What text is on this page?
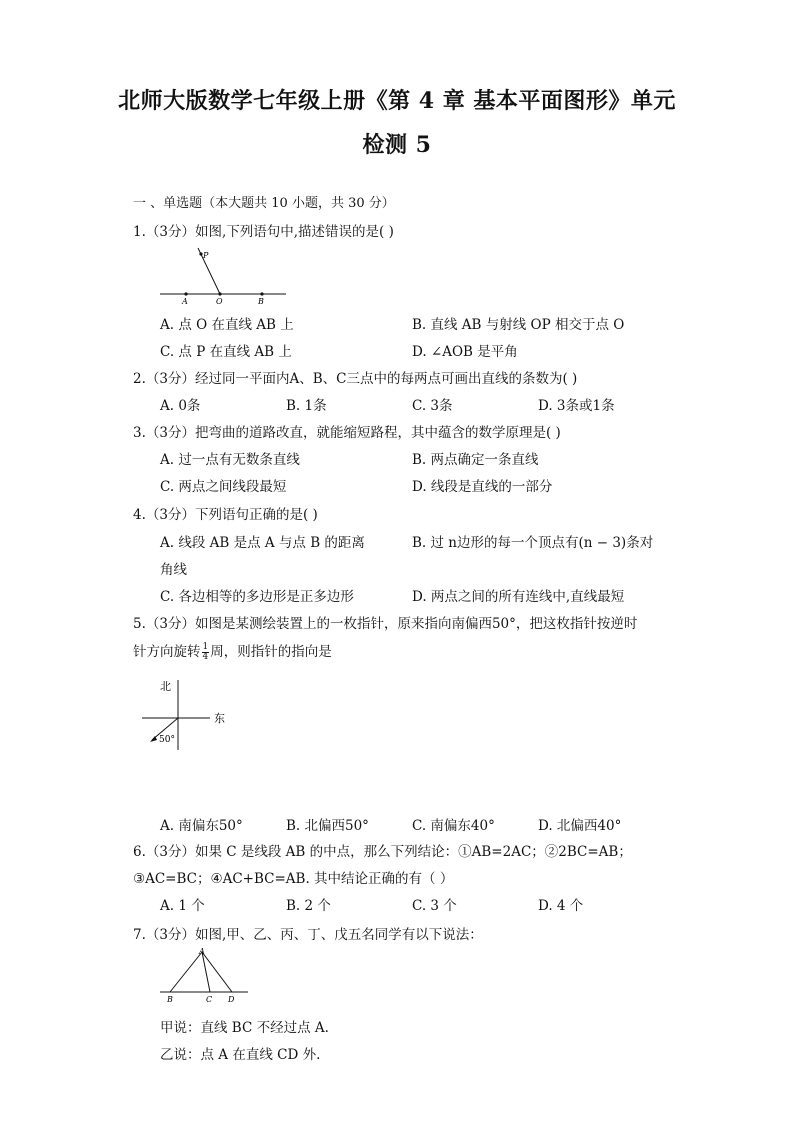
北师大版数学七年级上册《第 4 章 基本平面图形》单元
检测 5
一 、单选题（本大题共 10 小题，共 30 分）
1.（3分）如图,下列语句中,描述错误的是( )
P
A	O	B
A. 点 O 在直线 AB 上	B. 直线 AB 与射线 OP 相交于点 O
C. 点 P 在直线 AB 上	D. ∠AOB 是平角
2.（3分）经过同一平面内A、B、C三点中的每两点可画出直线的条数为( )
A. 0条	B. 1条	C. 3条	D. 3条或1条
3.（3分）把弯曲的道路改直，就能缩短路程，其中蕴含的数学原理是( )
A. 过一点有无数条直线	B. 两点确定一条直线
C. 两点之间线段最短	D. 线段是直线的一部分
4.（3分）下列语句正确的是( )
A. 线段 AB 是点 A 与点 B 的距离	B. 过 n边形的每一个顶点有(n − 3)条对
角线
C. 各边相等的多边形是正多边形	D. 两点之间的所有连线中,直线最短
5.（3分）如图是某测绘装置上的一枚指针，原来指向南偏西50°，把这枚指针按逆时
针方向旋转 $\frac{1}{4}$ 周，则指针的指向是
北
东
50°
A. 南偏东50°	B. 北偏西50°	C. 南偏东40°	D. 北偏西40°
6.（3分）如果 C 是线段 AB 的中点，那么下列结论：①AB=2AC；②2BC=AB；
③AC=BC；④AC+BC=AB. 其中结论正确的有（ ）
A. 1 个	B. 2 个	C. 3 个	D. 4 个
7.（3分）如图,甲、乙、丙、丁、戊五名同学有以下说法：
A
B	C D
甲说：直线 BC 不经过点 A.
乙说：点 A 在直线 CD 外.
